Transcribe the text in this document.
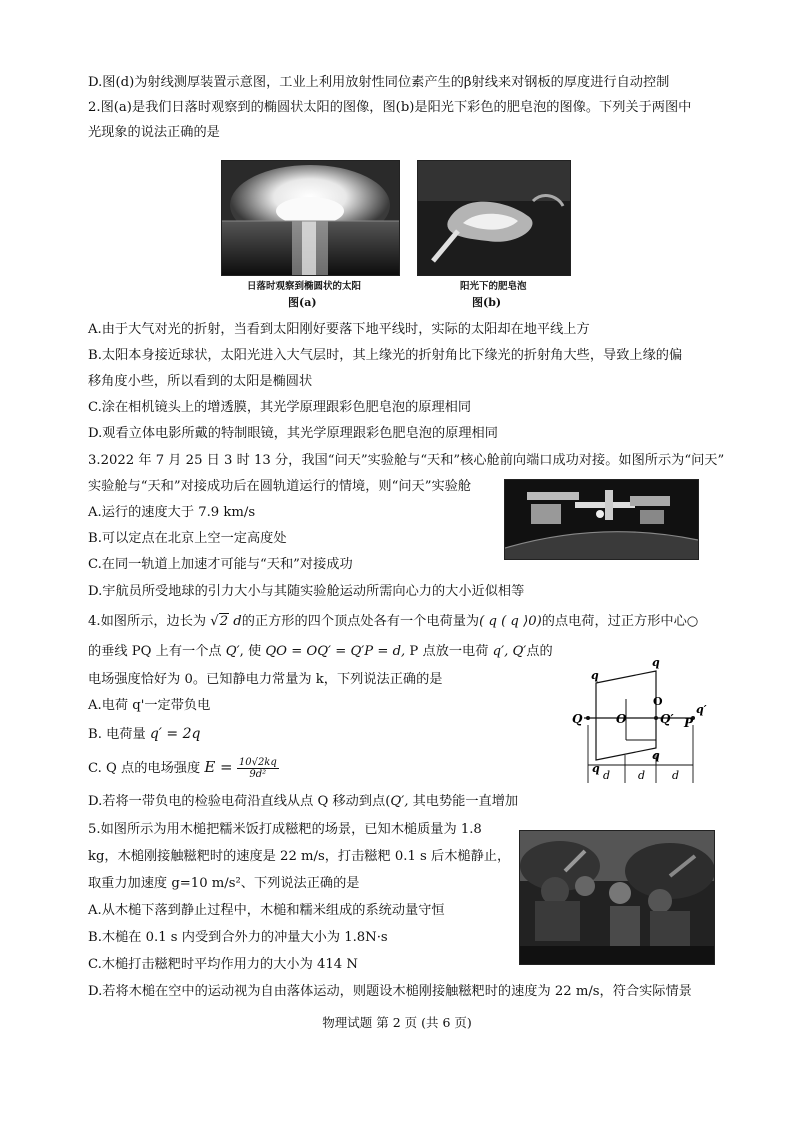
D.图(d)为射线测厚装置示意图，工业上利用放射性同位素产生的β射线来对钢板的厚度进行自动控制
2.图(a)是我们日落时观察到的椭圆状太阳的图像，图(b)是阳光下彩色的肥皂泡的图像。下列关于两图中
光现象的说法正确的是
日落时观察到椭圆状的太阳
图(a)
阳光下的肥皂泡
图(b)
A.由于大气对光的折射，当看到太阳刚好要落下地平线时，实际的太阳却在地平线上方
B.太阳本身接近球状，太阳光进入大气层时，其上缘光的折射角比下缘光的折射角大些，导致上缘的偏
移角度小些，所以看到的太阳是椭圆状
C.涂在相机镜头上的增透膜，其光学原理跟彩色肥皂泡的原理相同
D.观看立体电影所戴的特制眼镜，其光学原理跟彩色肥皂泡的原理相同
3.2022 年 7 月 25 日 3 时 13 分，我国“问天”实验舱与“天和”核心舱前向端口成功对接。如图所示为“问天”
实验舱与“天和”对接成功后在圆轨道运行的情境，则“问天”实验舱
A.运行的速度大于 7.9 km/s
B.可以定点在北京上空一定高度处
C.在同一轨道上加速才可能与“天和”对接成功
D.宇航员所受地球的引力大小与其随实验舱运动所需向心力的大小近似相等
4.如图所示，边长为 √2 d的正方形的四个顶点处各有一个电荷量为( q ( q ⟩0)的点电荷，过正方形中心○
的垂线 PQ 上有一个点 Q′, 使 QO = OQ′ = Q′P = d, P 点放一电荷 q′, Q′点的
电场强度恰好为 0。已知静电力常量为 k，下列说法正确的是
A.电荷 q'一定带负电
B. 电荷量 q′ = 2q
C. Q 点的电场强度 $E = \frac{10√2kq}{\text{9d²}}$
D.若将一带负电的检验电荷沿直线从点 Q 移动到点(Q′, 其电势能一直增加
q
q
q
q
O
Q	O	Q′ P
q′
d	d d
5.如图所示为用木槌把糯米饭打成糍粑的场景，已知木槌质量为 1.8
kg，木槌刚接触糍粑时的速度是 22 m/s，打击糍粑 0.1 s 后木槌静止，
取重力加速度 g=10 m/s²、下列说法正确的是
A.从木槌下落到静止过程中，木槌和糯米组成的系统动量守恒
B.木槌在 0.1 s 内受到合外力的冲量大小为 1.8N·s
C.木槌打击糍粑时平均作用力的大小为 414 N
D.若将木槌在空中的运动视为自由落体运动，则题设木槌刚接触糍粑时的速度为 22 m/s，符合实际情景
物理试题 第 2 页 (共 6 页)
